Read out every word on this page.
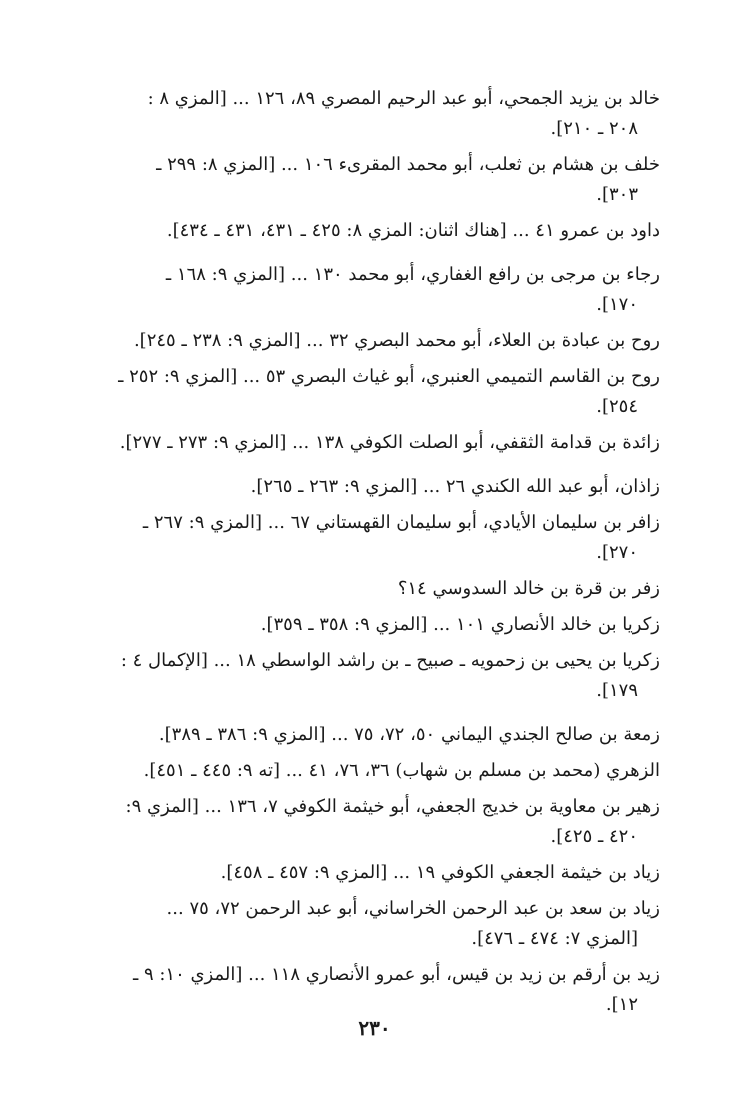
خالد بن يزيد الجمحي، أبو عبد الرحيم المصري ٨٩، ١٢٦ ... [المزي ٨ :
٢٠٨ ـ ٢١٠].

خلف بن هشام بن ثعلب، أبو محمد المقرىء ١٠٦ ... [المزي ٨: ٢٩٩ ـ
٣٠٣].

داود بن عمرو ٤١ ... [هناك اثنان: المزي ٨: ٤٢٥ ـ ٤٣١، ٤٣١ ـ ٤٣٤].

رجاء بن مرجى بن رافع الغفاري، أبو محمد ١٣٠ ... [المزي ٩: ١٦٨ ـ
١٧٠].

روح بن عبادة بن العلاء، أبو محمد البصري ٣٢ ... [المزي ٩: ٢٣٨ ـ ٢٤٥].

روح بن القاسم التميمي العنبري، أبو غياث البصري ٥٣ ... [المزي ٩: ٢٥٢ ـ
٢٥٤].

زائدة بن قدامة الثقفي، أبو الصلت الكوفي ١٣٨ ... [المزي ٩: ٢٧٣ ـ ٢٧٧].

زاذان، أبو عبد الله الكندي ٢٦ ... [المزي ٩: ٢٦٣ ـ ٢٦٥].

زافر بن سليمان الأيادي، أبو سليمان القهستاني ٦٧ ... [المزي ٩: ٢٦٧ ـ
٢٧٠].

زفر بن قرة بن خالد السدوسي ١٤؟

زكريا بن خالد الأنصاري ١٠١ ... [المزي ٩: ٣٥٨ ـ ٣٥٩].

زكريا بن يحيى بن زحمويه ـ صبيح ـ بن راشد الواسطي ١٨ ... [الإكمال ٤ :
١٧٩].

زمعة بن صالح الجندي اليماني ٥٠، ٧٢، ٧٥ ... [المزي ٩: ٣٨٦ ـ ٣٨٩].

الزهري (محمد بن مسلم بن شهاب) ٣٦، ٧٦، ٤١ ... [ته ٩: ٤٤٥ ـ ٤٥١].

زهير بن معاوية بن خديج الجعفي، أبو خيثمة الكوفي ٧، ١٣٦ ... [المزي ٩:
٤٢٠ ـ ٤٢٥].

زياد بن خيثمة الجعفي الكوفي ١٩ ... [المزي ٩: ٤٥٧ ـ ٤٥٨].

زياد بن سعد بن عبد الرحمن الخراساني، أبو عبد الرحمن ٧٢، ٧٥ ...
[المزي ٧: ٤٧٤ ـ ٤٧٦].

زيد بن أرقم بن زيد بن قيس، أبو عمرو الأنصاري ١١٨ ... [المزي ١٠: ٩ ـ
١٢].

٢٣٠
